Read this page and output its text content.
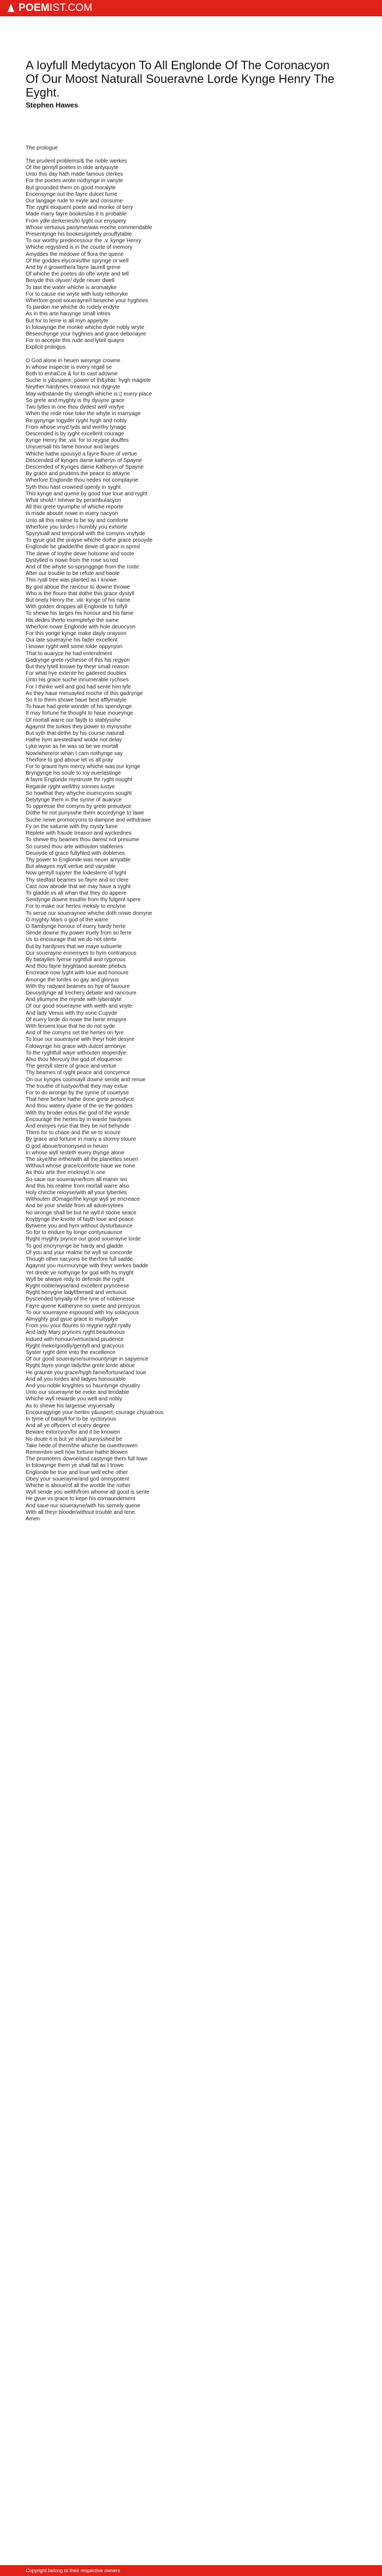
POEM IST.COM
A Ioyfull Medytacyon To All Englonde Of The Coronacyon Of Our Moost Naturall Soueravne Lorde Kynge Henry The Eyght.
Stephen Hawes
The prologue
The prudent problems/& the noble werkes
Of the gentyll poetes in olde antyquyte
Unto this day hath made famous clerkes
For the poetes wrote nothynge in vanyte
But grounded them on good moralyte
Encensynge out the fayre dulcet fume
Our langage rude to exyle and consume
The ryght eloquent poete and monke of bery
Made many fayre bookes/as it is probable
From ydle derkenes/to lyght our enyspery
Whose vertuous pastyme/was moche commendable
Presentynge his bookes/gretely prouffytable
To our worthy predecessour the .v. kynge Henry
Whiche regystred is in the courte of memory
Amyddes the medowe of flora the quene
Of the goddes elyconis/the sprynge or well
And by it growethe/a fayre laurell grene
Of whiche the poetes do ofte wryte and tell
Besyde this olyuer/ dyde neuer dwell
To tast the water whiche is aromatyke
For to cause me wryte with lusty rethoryke
Wherfore good souerayne/I beseche your hyghnes
To pardon me whiche do rudely endyte
As in this arte hauynge small intres
But for to lerne is all myn appetyte
In folowynge the monke whiche dyde nobly wryte
Beseechynge your hyghnes and grace debonayre
For to accepte this rude and lytell quayre
Explicit prologus.
O God alone in heuen werynge crowne
In whose inspecte is every regall se
Both to enhaCce & for to cast adowne
Suche is y&uspere; power of th&ybar; hygh magiste
Neyther hardynes treasour nor dygnyte
May withstande thy strength whiche is ▯ euery place
So grete and myghty is thy dyuyne grace
Two tytles in one thou dydest well vnyfye
When the rede rose toke the whyte in marryage
Re:gynynge togyder ryght hygh and nobly
From whose vnyd:tyds and worthy lynage
Descended is by ryght excellent courage
Kynge Henry the .viii. for to reygne douffes
Unyuersall his fame honour and larges
Whiche hathe spousyd a fayre floure of vertue
Descended of kynges dame katheryn of Spayne
Descended of Kynges dame Katheryn of Spayne
By grace and prudens the peace to attayne
Wherfore Englonde thou nedes not complayne
Syth thou hast crowned openly in syght
This kynge and quene by good true loue and ryght
What shold ! Ishewe by perambulacyon
All this grete tryumphe of whiche reporte
Is made aboute nowe in euery nacyon
Unto all this realme to be Ioy and comforte
Wherfore you lordes I humbly you exhorte
Spyrytuall and temporall with the comyns vnyfyde
To gyue god the prayse whiche dothe grace prouyde
Englonde be gladde/the dewe of grace is spred
The dewe of Ioythe dewe holsome and soote
Dystylled is nowe from the rose so red
And of the whyte so sprynggnge from the roote
After our trouble to be refute and boote
This ryall tree was planted as I knowe
By god aboue the rancour to downe throwe
Who is the floure that dothe this grace dystyll
But onely Henry the .viii. kynge of his name
With golden droppes all Englonde to fulfyll
To shewe his larges his honour and his fame
His dedes therto exemplefye the same
Wherfore nowe Englonde with hole deuocyon
For this yonge kynge make dayly orayson
Our late souerayne his fader excellent
I knowe ryght well some tolde oppynyon
That to auaryce he had entendment
Gadrynge grete rychesse of this his regyon
But they lytell knowe by theyr small reason
For what hye extente he gadered doubles
Unto his grace suche innumerable rychses
For I thinke well and god had sente him lyfe
As they haue meruayled moche of this gadrynge
So it to them showe haue bext afflymatyle
To haue had grete wonder of his spendynge
It may fortune he thought to haue moueynge
Of mortall warre our fayth to stablysshe
Agaynst the turkes they power to mynysshe
But syth that dethe by his course naturall
Hathe hym arested/and wolde not delay
Lyke wyse as he was so be we mortall
Now/where/or whan I cam nothynge say
Therfore to god aboue let vs all pray
For to graunt hym mercy whiche was our kynge
Bryngynge his soule to Ioy euerlastinge
A fayre Englonde mystruste thr ryght nought
Regarde ryght well/thy sonnes lustye
So howthat they whyche inuencyons sought
Delytynge them in the synne of auaryce
To oppresse the comyns by grete preiudyce
Dothe he not punysshe them accordynge to lawe
Suche newe promocyons to dampne and withdrawe
Fy on the saturne with thy mysty fume
Replete with fraude treason and wyckednes
To shewe thy beames thou darest not presume
So cursed thou arte withouten stablenes
Deuoyde of grace fullyfiled with doblenes
Thy power to Englonde was neuer amyable
But alwayes myll vertue and varyable
Now gentyll Iupyter the lodesterre of lyght
Thy stedfast beames so fayre and so clere
Cast now abrode that we may haue a syght
To gladde vs all whan that they do appere
Sendynge downe trouthe from thy fulgent spere
For to make our hertes meksly to enclyne
To serue our soueraynee whiche doth nowe domyne
O myghty Mars o god of the warre
O flambynge honour of euery hardy herte
Sende downe thy power truely from so ferre
Us to encourage that we do not sterte
But by hardynes that we maye subuerte
Our souerayne ennemyes to hym contraryous
By bataylles fyerse ryghtfull and rygorous
And thou fayre bryghtand aureate phebus
Encreace now lyght with loue aud honoure
Amonge the lordes so gay and gloryus
With thy radyant beames so hye of fauoure
Deuoydynge all trechery debate and rancoure
And yllumyne the mynde with lyberalyte
Of our good souerayne with welth and vnyte
And lady Venus with thy sone Cupyde
Of euery lorde do nowe the herte enspyre
With feruent loue that he do not syde
And of the comyns set the hertes on fyre
To loue our souerayne with theyr hole desyre
Folowynge his grace with dulcet armonye
To the ryghtfull waye withouten Ieoperdye
Also thou Mercury the god of eloquence
The gentyll sterre of grace and vertue
Thy beames of ryght peace and concyence
On our kynges counsayll downe sende and renue
The trouthe of Iustyce/that they may extue
For to do wronge by the synne of couetyse
That here before hathe done grete preiudyce
And thou watery dyane of the se the goddes
With thy broder eolus the god of the wynde
Encourage the hertes by in warde hardynes
And enmyes ryse that they be not behynde
Them for to chace and the se to scoure
By grace and fortune in many a stormy stoure
O god aboue/trononysed in heuen
In whose wyll resteth euery thynge alone
The skye/the erthe/with all the planettes seuen
Without whose grace/comforte haue we none
As thou arte thre enclosyd in one
So saue our souerayne/from all maner wo
And this his realme from mortall warre also
Holy chirche reioyse/with all your lyberties
Withouten dOmage/the kynge wyll ye encreace
And be your shelde from all aduersytees
No wronge shall be but he wyll it soone seace
Knyttynge the knotte of fayth loue and peace
Bytwene you and hym without dysturbaunce
So for to endure by longe contynuaunce
Ryght myghty prynce our good souerayne lorde
To god encrynynge be hardy and gladde
Of you and your realme he wyll se concorde
Though other nacyons be therfore full sadde
Agaynst you murmurynge with theyr werkes badde
Yet drede ye nothynge for god with hs myght
Wyll be alwaye redy to defende the ryght
Ryght noble/wyse/and excellent prynceese
Ryght benygne ladyf/beraell and vertuous
Dyscended lynyally of the lyne of noblenesse
Fayre quene Katheryne so swete and precyous
To our souerayne espoused with Ioy solacyous
Almyghty god gyue grace to multyplye
From you your floures to reygne ryght ryally
And lady Mary prynces ryght beauteuous
Indued with honour/vertue/and prudence
Ryght meke/goodly/gentyll and gracyous
Syster ryght dere vnto the excellence
Of our good souerayne/surmountynge in sapyence
Ryght fayre yonge lady/the grete lorde aboue
He graunte you grace/hygh fame/fortune/and loue
And all you lordes and ladyes honourable
And you noble knyghtes so hauntynge chyualry
Unto our souerayne be meke and tendable
Whiche wyll rewarde you well and nobly
As to shewe his largesse vnyuersally
Encouragynge your hertes y&uspert; courage chyualrous
In tyme of batayll for to be vyctoryous
And all ye offycers of euery degree
Beware extorcyon/for and it be knowen
No doute it is but ye shall punysshed be
Take hede of them/the whiche be ouerthrowen
Remembre well how fortune hathe blowen
The promoters downe/and castynge them full lowe
In folowynge them ye shall fall as I trowe
Englonde be true and loue well eche other
Obey your souerayne/and god omnypotent
Whiche is aboue/of all the worlde the rother
Wyll sende you welth/from whome all good is sente
He gyue vs grace to kepe his comaundement
And saue our souerayne/with his semely quene
With all theyr bloode/without trouble and tene.
Amen
Copyright belong to their respective owners
